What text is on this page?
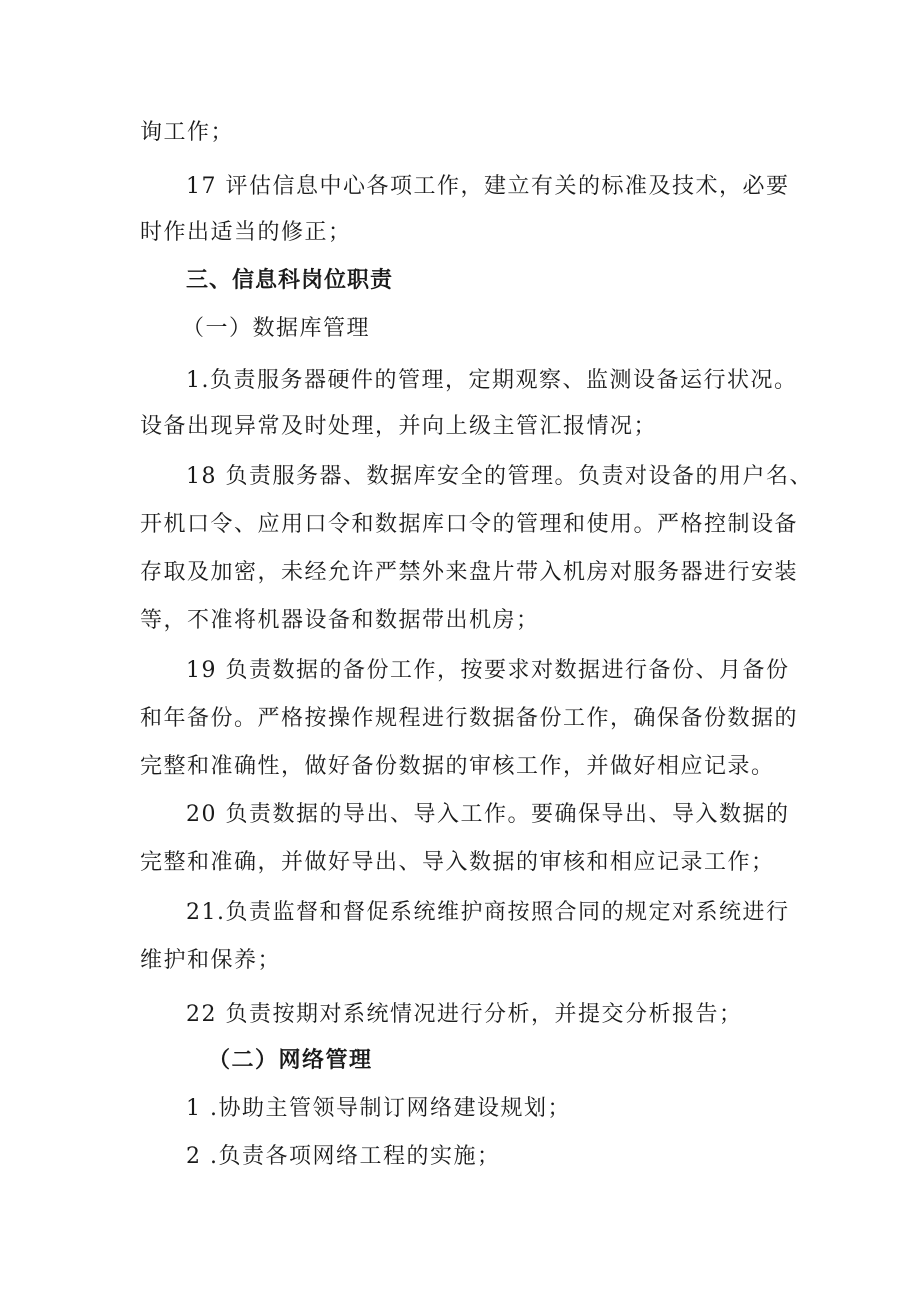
询工作；
17 评估信息中心各项工作，建立有关的标准及技术，必要
时作出适当的修正；
三、信息科岗位职责
（一）数据库管理
1.负责服务器硬件的管理，定期观察、监测设备运行状况。
设备出现异常及时处理，并向上级主管汇报情况；
18 负责服务器、数据库安全的管理。负责对设备的用户名、
开机口令、应用口令和数据库口令的管理和使用。严格控制设备
存取及加密，未经允许严禁外来盘片带入机房对服务器进行安装
等，不准将机器设备和数据带出机房；
19 负责数据的备份工作，按要求对数据进行备份、月备份
和年备份。严格按操作规程进行数据备份工作，确保备份数据的
完整和准确性，做好备份数据的审核工作，并做好相应记录。
20 负责数据的导出、导入工作。要确保导出、导入数据的
完整和准确，并做好导出、导入数据的审核和相应记录工作；
21.负责监督和督促系统维护商按照合同的规定对系统进行
维护和保养；
22 负责按期对系统情况进行分析，并提交分析报告；
（二）网络管理
1 .协助主管领导制订网络建设规划；
2 .负责各项网络工程的实施；
